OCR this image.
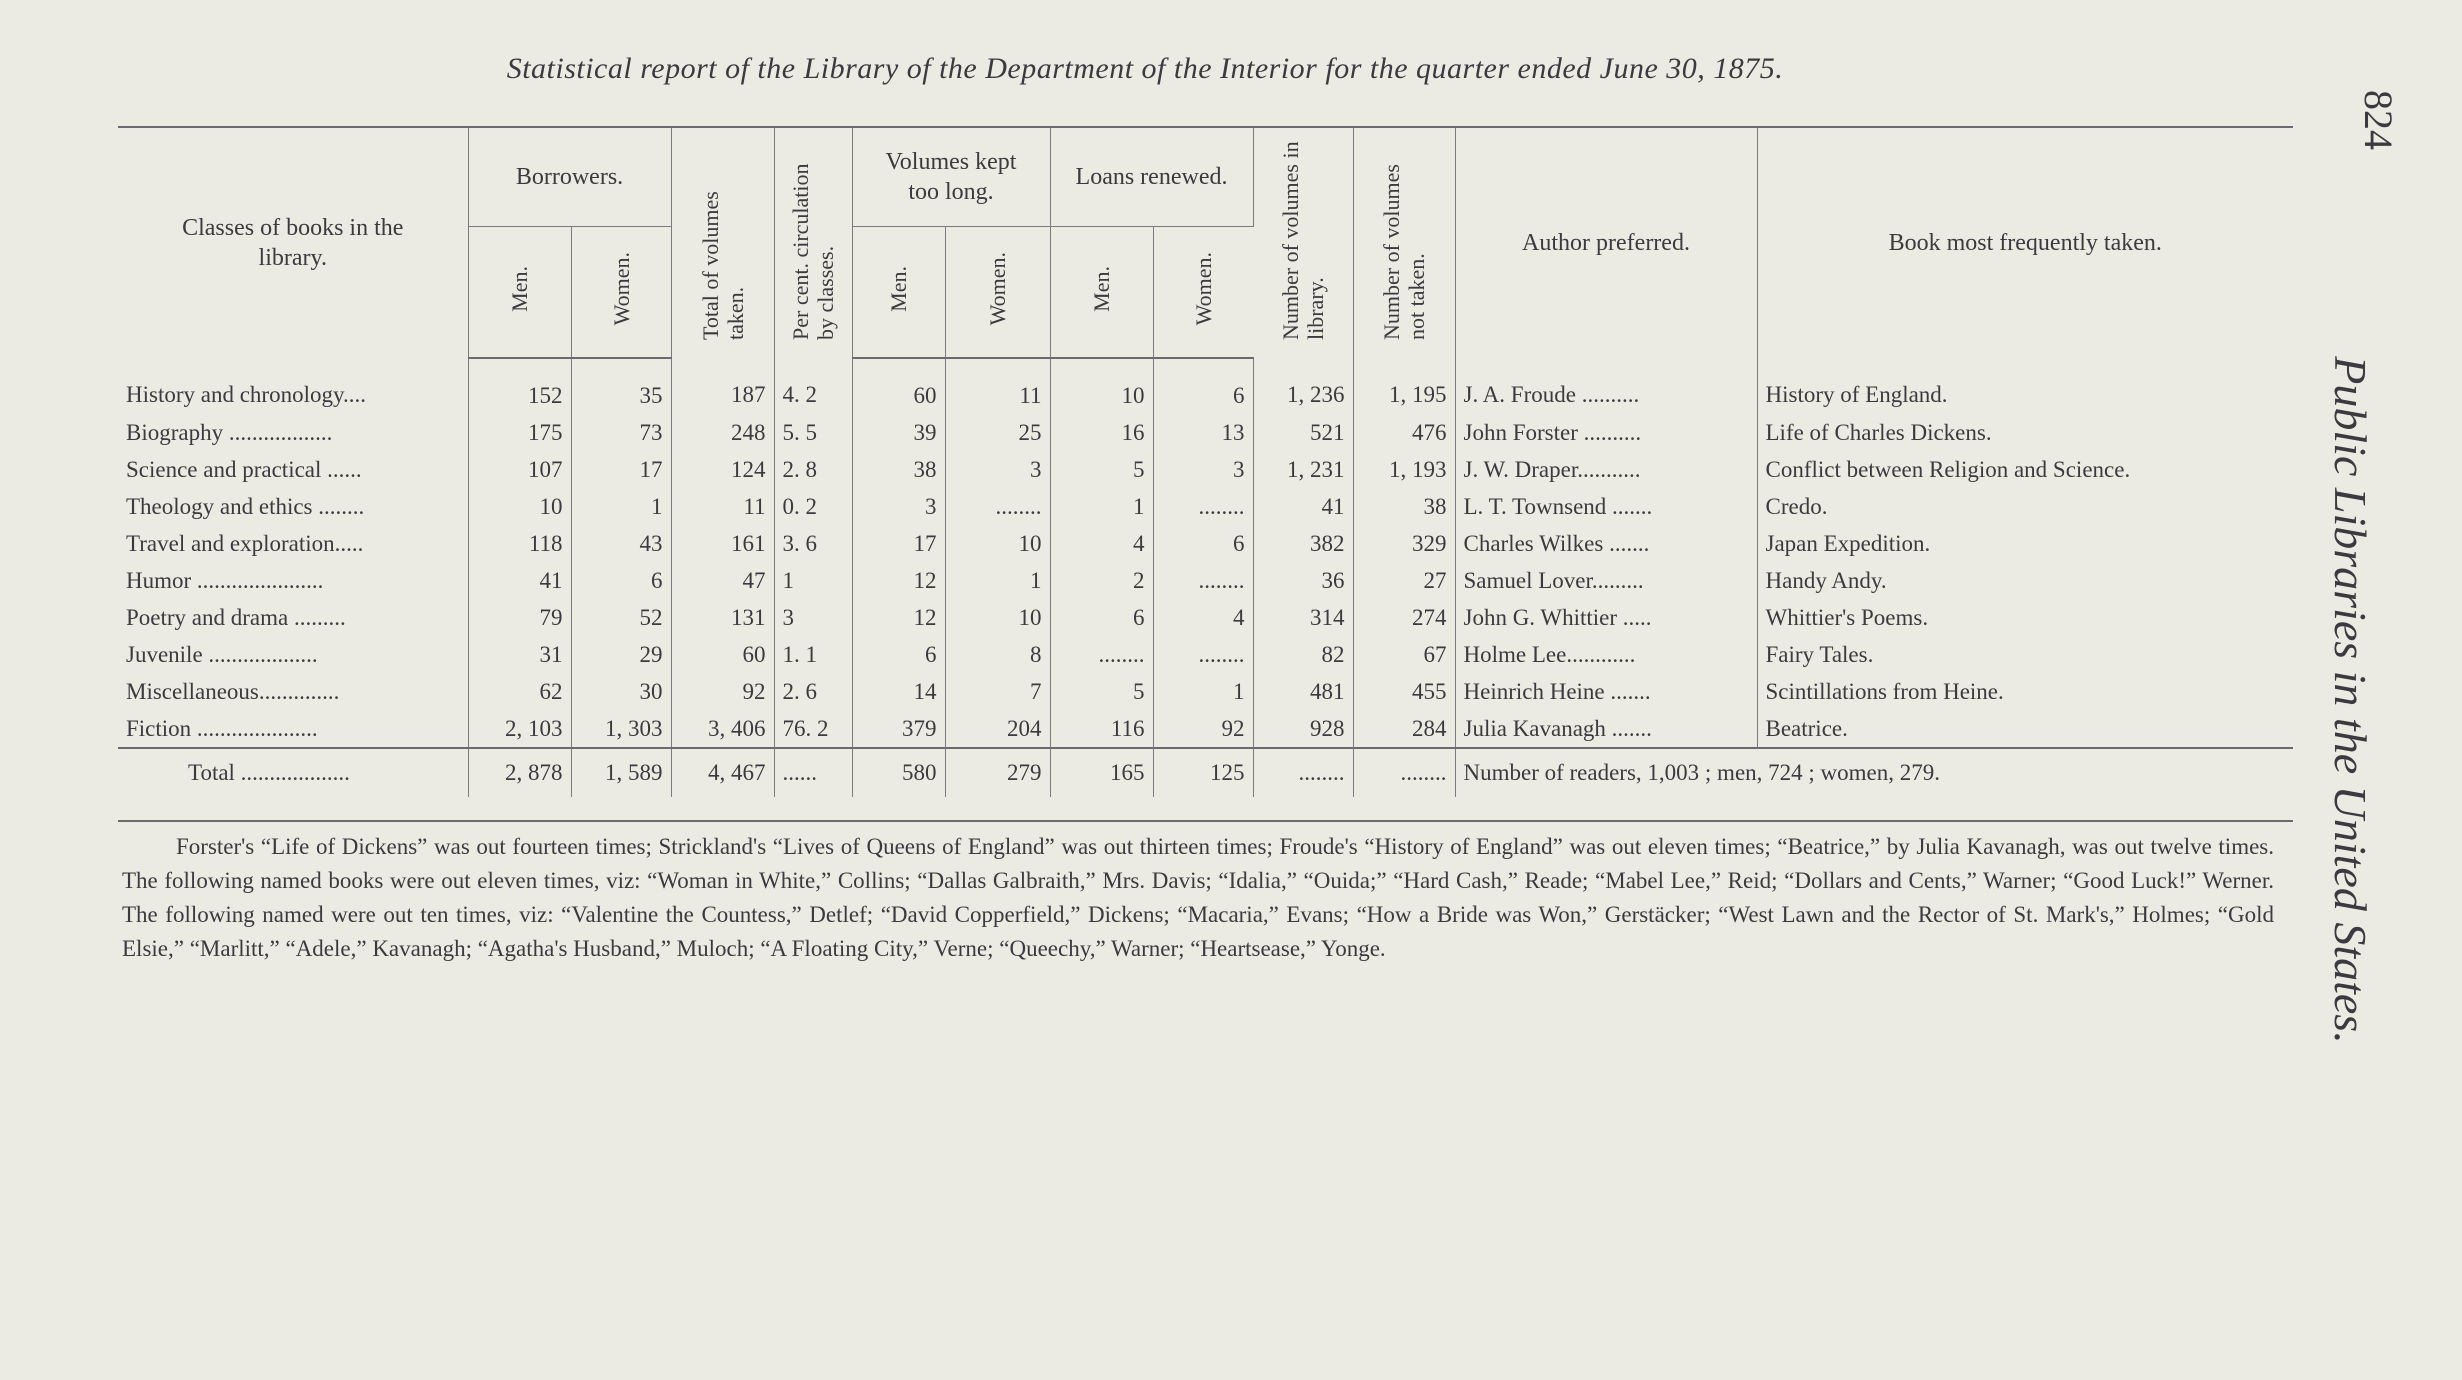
Statistical report of the Library of the Department of the Interior for the quarter ended June 30, 1875.
824
Public Libraries in the United States.
Classes of books in the library.	Borrowers.		Total of volumes taken.	Per cent. circulation by classes.	Volumes kept too long.		Loans renewed.		Number of volumes in library.	Number of volumes not taken.	Author preferred.	Book most frequently taken.
	Men.	Women.			Men.	Women.	Men.	Women.				
History and chronology....	152	35	187	4. 2	60	11	10	6	1, 236	1, 195	J. A. Froude ..........	History of England.
Biography ..................	175	73	248	5. 5	39	25	16	13	521	476	John Forster ..........	Life of Charles Dickens.
Science and practical ......	107	17	124	2. 8	38	3	5	3	1, 231	1, 193	J. W. Draper...........	Conflict between Religion and Science.
Theology and ethics ........	10	1	11	0. 2	3	........	1	........	41	38	L. T. Townsend .......	Credo.
Travel and exploration.....	118	43	161	3. 6	17	10	4	6	382	329	Charles Wilkes .......	Japan Expedition.
Humor ......................	41	6	47	1	12	1	2	........	36	27	Samuel Lover.........	Handy Andy.
Poetry and drama .........	79	52	131	3	12	10	6	4	314	274	John G. Whittier .....	Whittier's Poems.
Juvenile ...................	31	29	60	1. 1	6	8	........	........	82	67	Holme Lee............	Fairy Tales.
Miscellaneous..............	62	30	92	2. 6	14	7	5	1	481	455	Heinrich Heine .......	Scintillations from Heine.
Fiction .....................	2, 103	1, 303	3, 406	76. 2	379	204	116	92	928	284	Julia Kavanagh .......	Beatrice.
Total ...................	2, 878	1, 589	4, 467	......	580	279	165	125	........	........	Number of readers, 1,003 ; men, 724 ; women, 279.	
Forster's “Life of Dickens” was out fourteen times; Strickland's “Lives of Queens of England” was out thirteen times; Froude's “History of England” was out eleven times; “Beatrice,” by Julia Kavanagh, was out twelve times. The following named books were out eleven times, viz: “Woman in White,” Collins; “Dallas Galbraith,” Mrs. Davis; “Idalia,” “Ouida;” “Hard Cash,” Reade; “Mabel Lee,” Reid; “Dollars and Cents,” Warner; “Good Luck!” Werner. The following named were out ten times, viz: “Valentine the Countess,” Detlef; “David Copperfield,” Dickens; “Macaria,” Evans; “How a Bride was Won,” Gerstäcker; “West Lawn and the Rector of St. Mark's,” Holmes; “Gold Elsie,” “Marlitt,” “Adele,” Kavanagh; “Agatha's Husband,” Muloch; “A Floating City,” Verne; “Queechy,” Warner; “Heartsease,” Yonge.
